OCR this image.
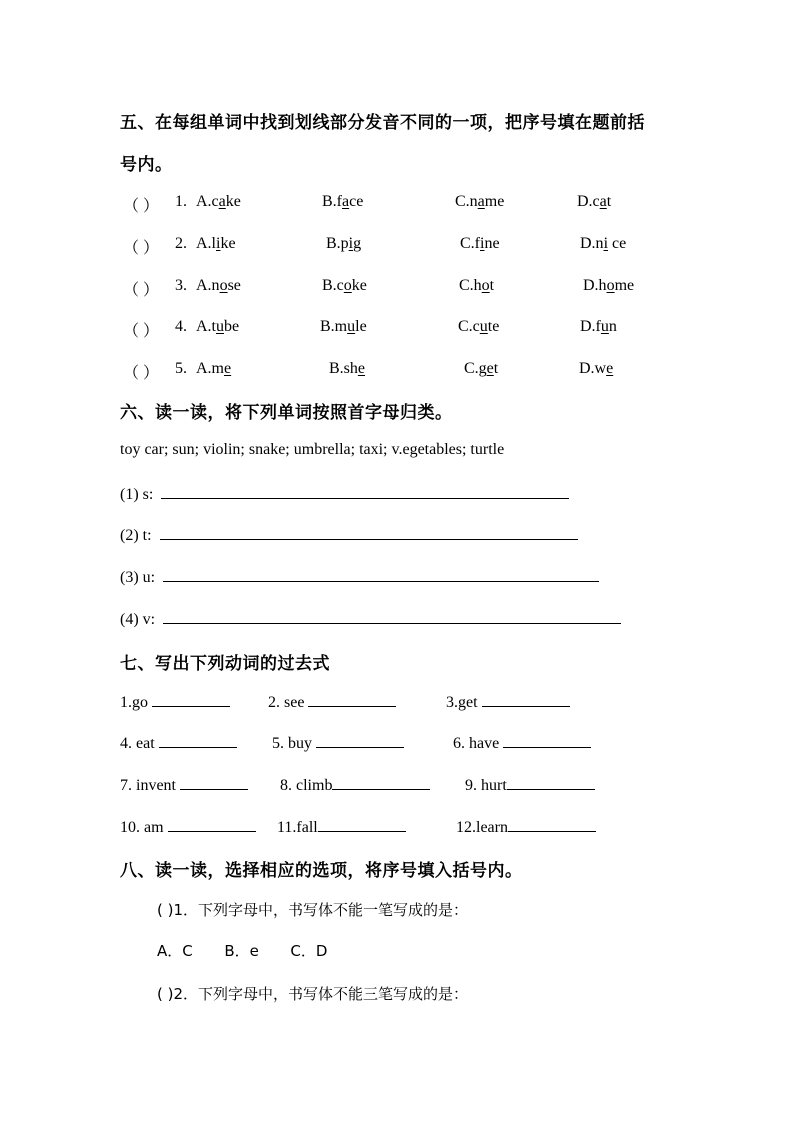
五、在每组单词中找到划线部分发音不同的一项，把序号填在题前括
号内。
（ ） 1. A.cake	B.face	C.name	D.cat
（ ） 2. A.like	B.pig	C.fine	D.ni ce
（ ） 3. A.nose	B.coke	C.hot	D.home
（ ） 4. A.tube	B.mule	C.cute	D.fun
（ ） 5. A.me	B.she	C.get	D.we
六、读一读，将下列单词按照首字母归类。
toy car; sun; violin; snake; umbrella; taxi; v.egetables; turtle
(1) s:
(2) t:
(3) u:
(4) v:
七、写出下列动词的过去式
1.go	2. see	3.get
4. eat	5. buy	6. have
7. invent	8. climb	9. hurt
10. am	11.fall	12.learn
八、读一读，选择相应的选项，将序号填入括号内。
( )1．下列字母中，书写体不能一笔写成的是：
A．C B．e C．D
( )2．下列字母中，书写体不能三笔写成的是：
